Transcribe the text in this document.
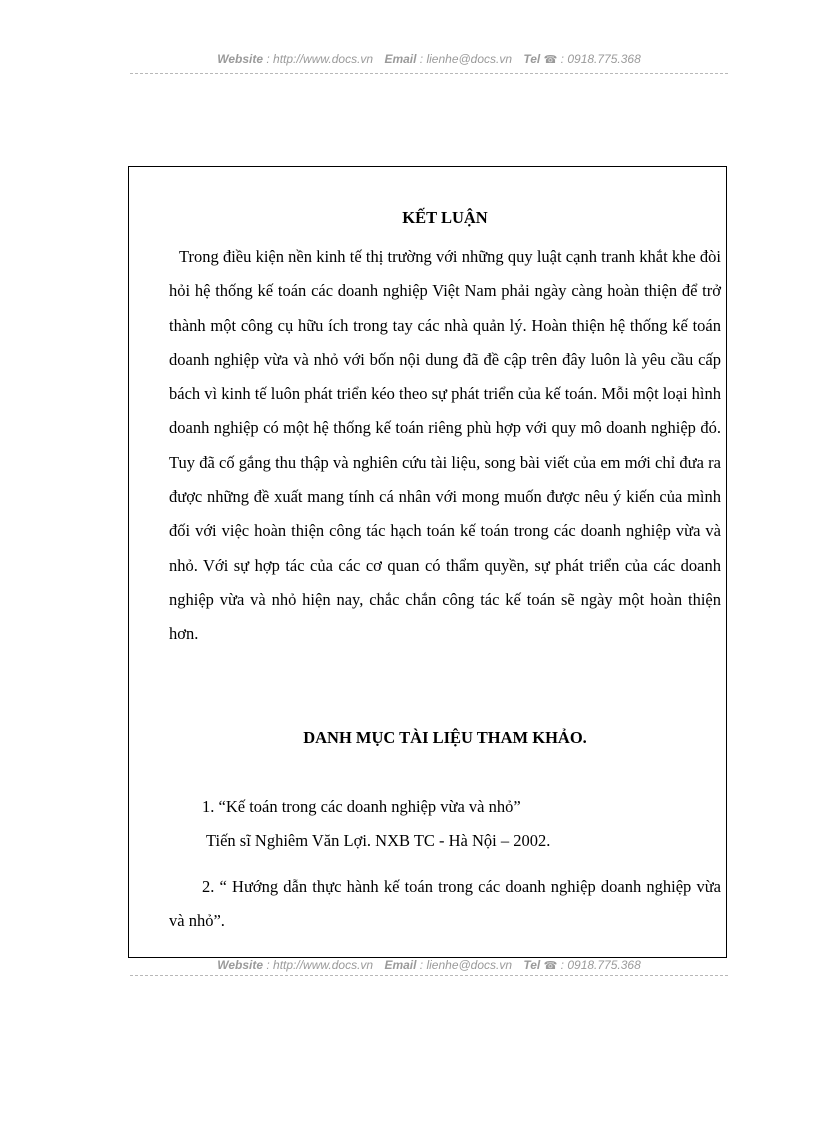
Website : http://www.docs.vn Email : lienhe@docs.vn Tel ☎ : 0918.775.368

KẾT LUẬN

Trong điều kiện nền kinh tế thị trường với những quy luật cạnh tranh khắt khe đòi hỏi hệ thống kế toán các doanh nghiệp Việt Nam phải ngày càng hoàn thiện để trở thành một công cụ hữu ích trong tay các nhà quản lý. Hoàn thiện hệ thống kế toán doanh nghiệp vừa và nhỏ với bốn nội dung đã đề cập trên đây luôn là yêu cầu cấp bách vì kinh tế luôn phát triển kéo theo sự phát triển của kế toán. Mỗi một loại hình doanh nghiệp có một hệ thống kế toán riêng phù hợp với quy mô doanh nghiệp đó. Tuy đã cố gắng thu thập và nghiên cứu tài liệu, song bài viết của em mới chỉ đưa ra được những đề xuất mang tính cá nhân với mong muốn được nêu ý kiến của mình đối với việc hoàn thiện công tác hạch toán kế toán trong các doanh nghiệp vừa và nhỏ. Với sự hợp tác của các cơ quan có thẩm quyền, sự phát triển của các doanh nghiệp vừa và nhỏ hiện nay, chắc chắn công tác kế toán sẽ ngày một hoàn thiện hơn.

DANH MỤC TÀI LIỆU THAM KHẢO.

1. “Kế toán trong các doanh nghiệp vừa và nhỏ”

Tiến sĩ Nghiêm Văn Lợi. NXB TC - Hà Nội – 2002.

2. “ Hướng dẫn thực hành kế toán trong các doanh nghiệp doanh nghiệp vừa và nhỏ”.

Website : http://www.docs.vn Email : lienhe@docs.vn Tel ☎ : 0918.775.368
